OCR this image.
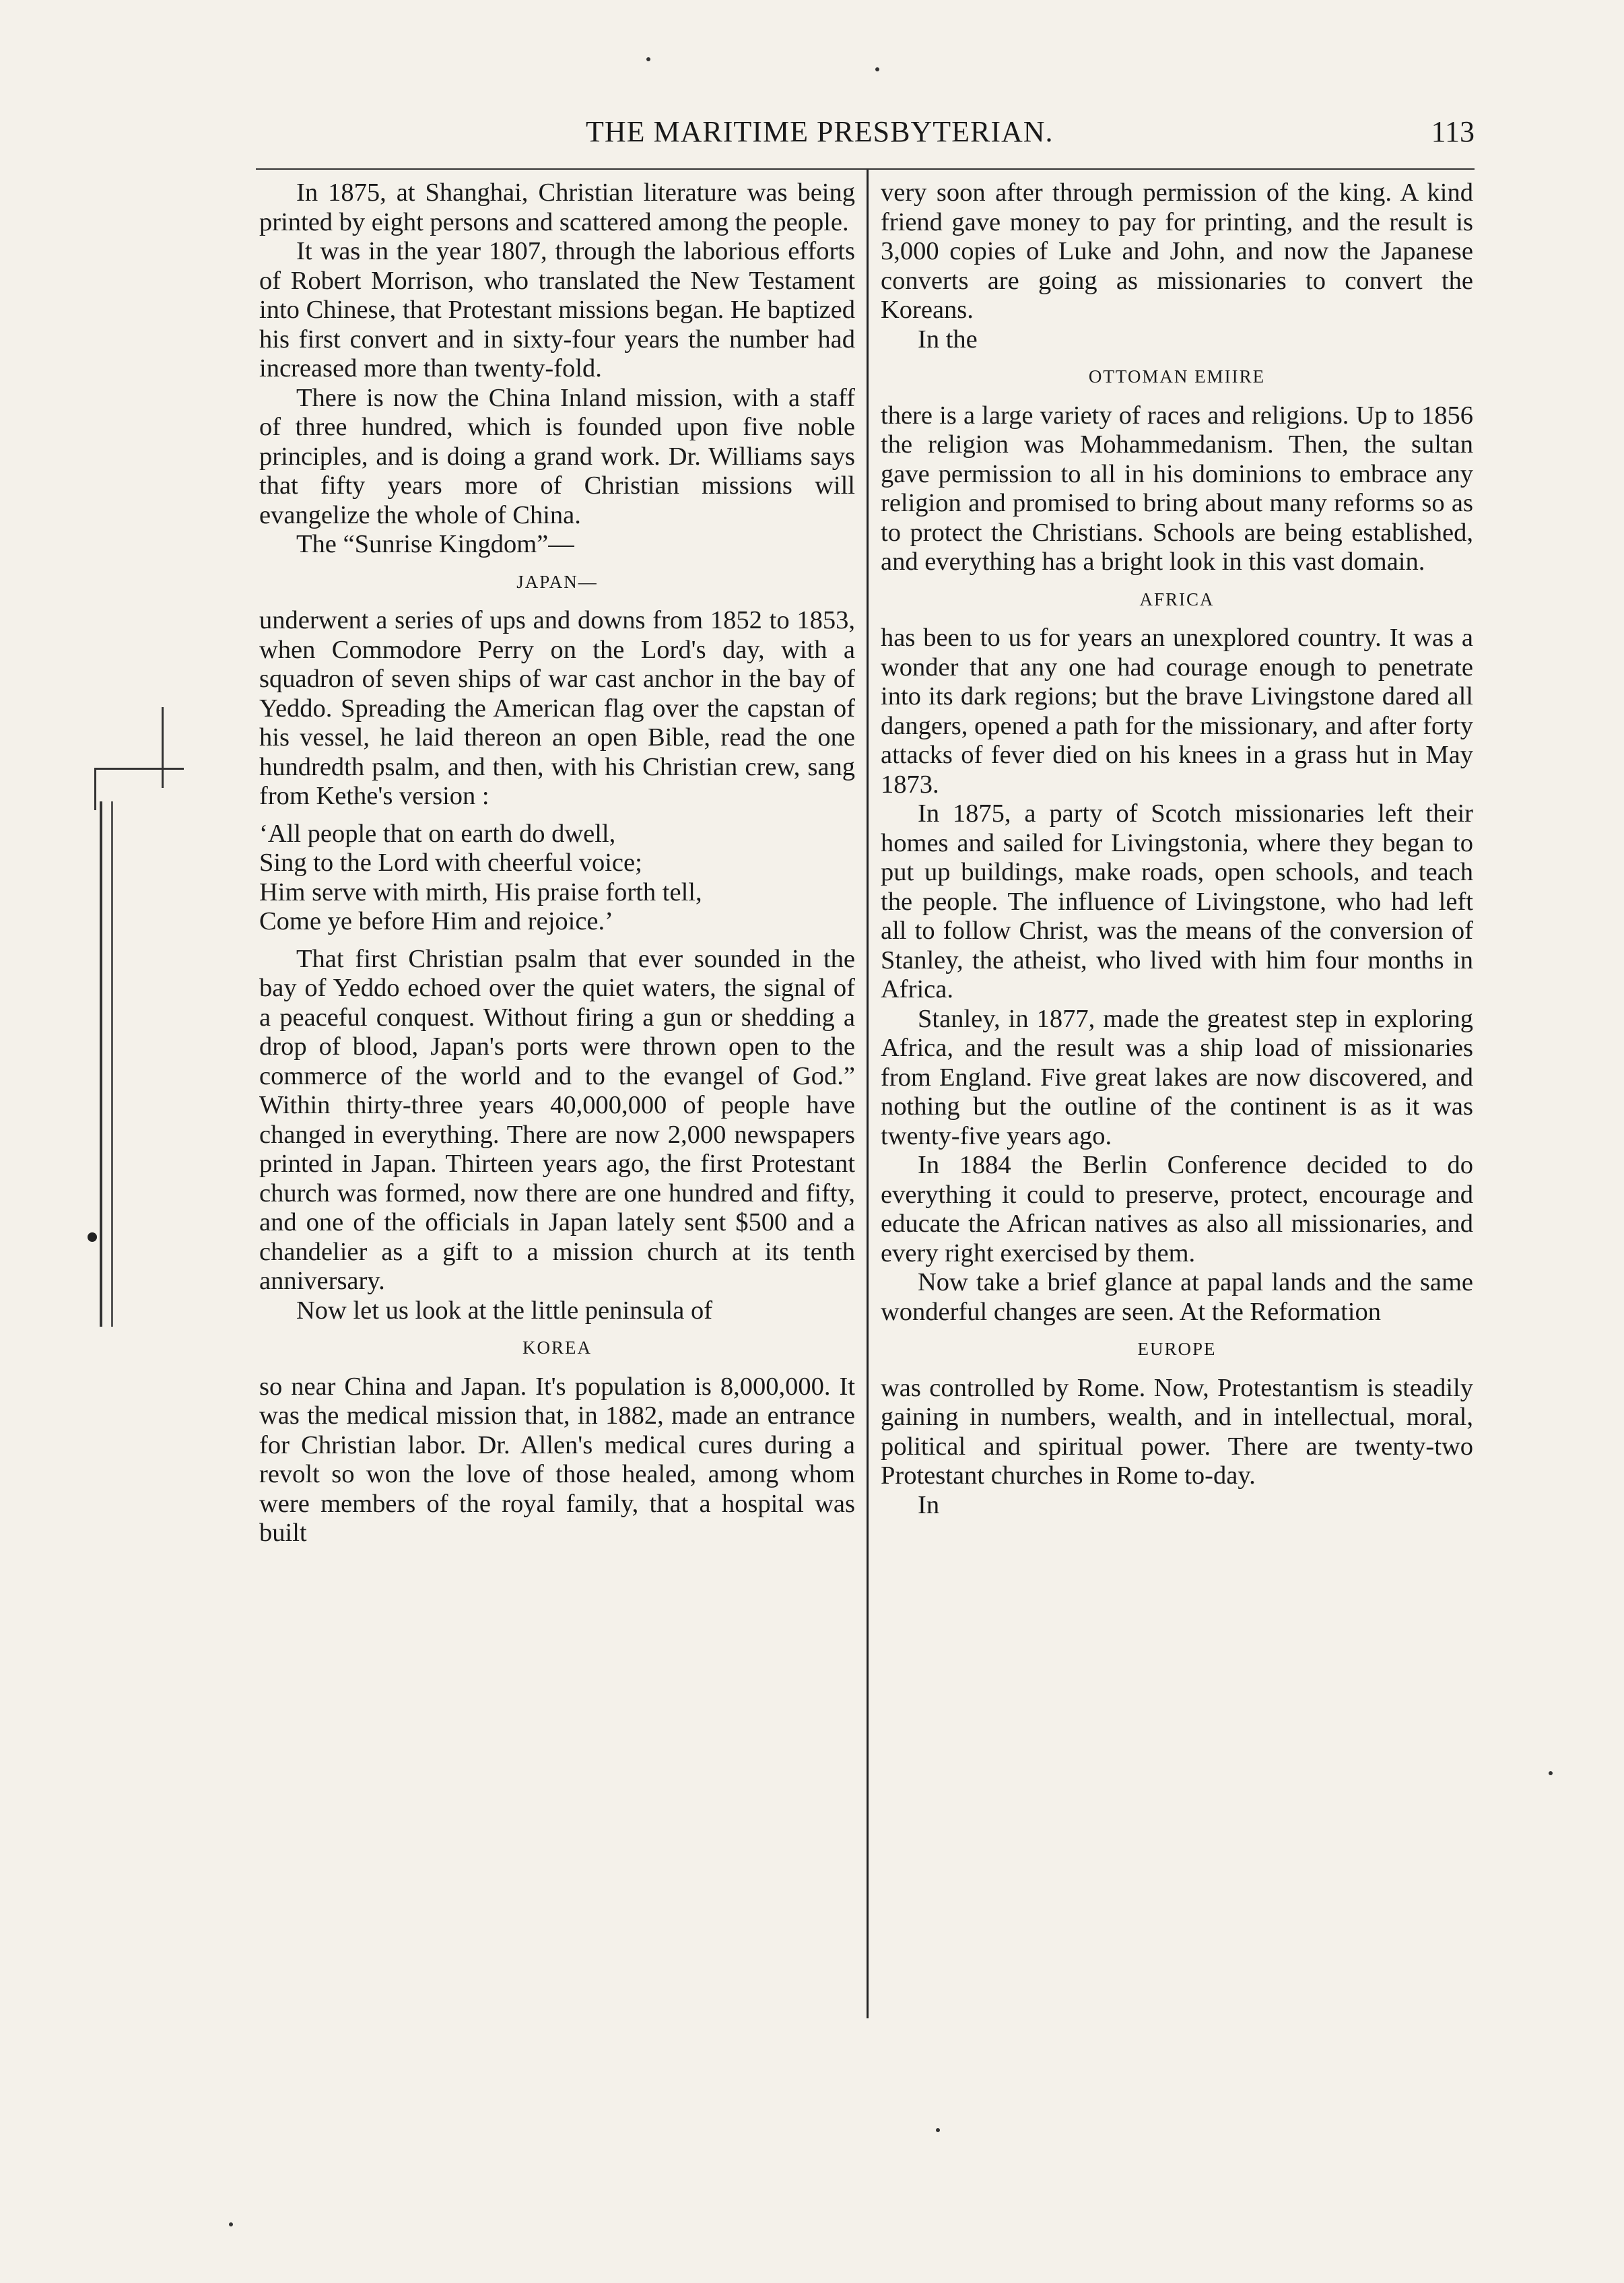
THE MARITIME PRESBYTERIAN.	113

In 1875, at Shanghai, Christian literature was being printed by eight persons and scattered among the people.

It was in the year 1807, through the laborious efforts of Robert Morrison, who translated the New Testament into Chinese, that Protestant missions began. He baptized his first convert and in sixty-four years the number had increased more than twenty-fold.

There is now the China Inland mission, with a staff of three hundred, which is founded upon five noble principles, and is doing a grand work. Dr. Williams says that fifty years more of Christian missions will evangelize the whole of China.

The “Sunrise Kingdom”—

JAPAN—

underwent a series of ups and downs from 1852 to 1853, when Commodore Perry on the Lord's day, with a squadron of seven ships of war cast anchor in the bay of Yeddo. Spreading the American flag over the capstan of his vessel, he laid thereon an open Bible, read the one hundredth psalm, and then, with his Christian crew, sang from Kethe's version :

‘All people that on earth do dwell,
Sing to the Lord with cheerful voice;
Him serve with mirth, His praise forth tell,
Come ye before Him and rejoice.’

That first Christian psalm that ever sounded in the bay of Yeddo echoed over the quiet waters, the signal of a peaceful conquest. Without firing a gun or shedding a drop of blood, Japan's ports were thrown open to the commerce of the world and to the evangel of God.” Within thirty-three years 40,000,000 of people have changed in everything. There are now 2,000 newspapers printed in Japan. Thirteen years ago, the first Protestant church was formed, now there are one hundred and fifty, and one of the officials in Japan lately sent $500 and a chandelier as a gift to a mission church at its tenth anniversary.

Now let us look at the little peninsula of

KOREA

so near China and Japan. It's population is 8,000,000. It was the medical mission that, in 1882, made an entrance for Christian labor. Dr. Allen's medical cures during a revolt so won the love of those healed, among whom were members of the royal family, that a hospital was built

very soon after through permission of the king. A kind friend gave money to pay for printing, and the result is 3,000 copies of Luke and John, and now the Japanese converts are going as missionaries to convert the Koreans.

In the

OTTOMAN EMIIRE

there is a large variety of races and religions. Up to 1856 the religion was Mohammedanism. Then, the sultan gave permission to all in his dominions to embrace any religion and promised to bring about many reforms so as to protect the Christians. Schools are being established, and everything has a bright look in this vast domain.

AFRICA

has been to us for years an unexplored country. It was a wonder that any one had courage enough to penetrate into its dark regions; but the brave Livingstone dared all dangers, opened a path for the missionary, and after forty attacks of fever died on his knees in a grass hut in May 1873.

In 1875, a party of Scotch missionaries left their homes and sailed for Livingstonia, where they began to put up buildings, make roads, open schools, and teach the people. The influence of Livingstone, who had left all to follow Christ, was the means of the conversion of Stanley, the atheist, who lived with him four months in Africa.

Stanley, in 1877, made the greatest step in exploring Africa, and the result was a ship load of missionaries from England. Five great lakes are now discovered, and nothing but the outline of the continent is as it was twenty-five years ago.

In 1884 the Berlin Conference decided to do everything it could to preserve, protect, encourage and educate the African natives as also all missionaries, and every right exercised by them.

Now take a brief glance at papal lands and the same wonderful changes are seen. At the Reformation

EUROPE

was controlled by Rome. Now, Protestantism is steadily gaining in numbers, wealth, and in intellectual, moral, political and spiritual power. There are twenty-two Protestant churches in Rome to-day.

In
